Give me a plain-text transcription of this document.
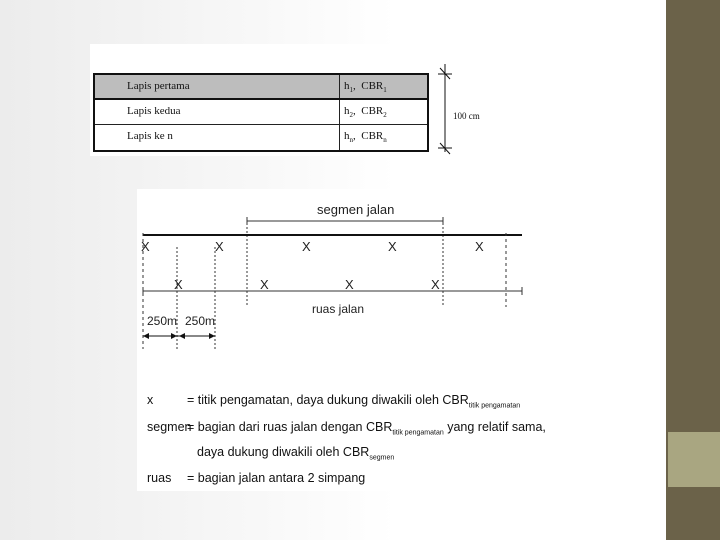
Lapis pertama	$h_1$,  $CBR_1$
Lapis kedua	$h_2$,  $CBR_2$
Lapis ke n	$h_n$,  $CBR_n$
100 cm
segmen jalan
X	X	X	X	X
X	X	X	X
ruas jalan
250m 250m
x	= titik pengamatan, daya dukung diwakili oleh $CBR_{titik pengamatan}$
segmen= bagian dari ruas jalan dengan $CBR_{titik pengamatan}$ yang relatif sama,
daya dukung diwakili oleh $CBR_{segmen}$
ruas = bagian jalan antara 2 simpang
